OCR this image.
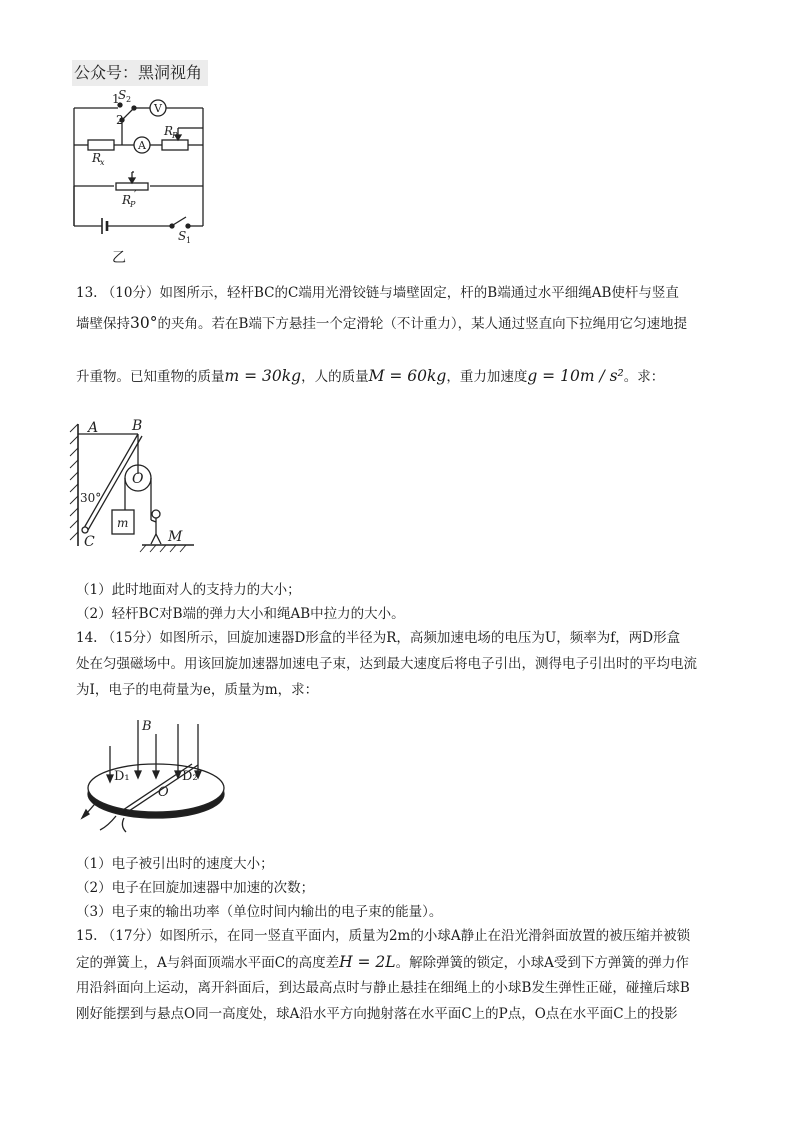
公众号：黑洞视角
1
S 2
2
V
A
R
x
R
P
R
P
′
S 1
乙
13. （10分）如图所示，轻杆BC的C端用光滑铰链与墙壁固定，杆的B端通过水平细绳AB使杆与竖直
墙壁保持30°的夹角。若在B端下方悬挂一个定滑轮（不计重力），某人通过竖直向下拉绳用它匀速地提
升重物。已知重物的质量m = 30kg，人的质量M = 60kg，重力加速度g = 10m / s²。求：
A B
30°
C
O
m
M
（1）此时地面对人的支持力的大小；
（2）轻杆BC对B端的弹力大小和绳AB中拉力的大小。
14. （15分）如图所示，回旋加速器D形盒的半径为R，高频加速电场的电压为U，频率为f，两D形盒
处在匀强磁场中。用该回旋加速器加速电子束，达到最大速度后将电子引出，测得电子引出时的平均电流
为I，电子的电荷量为e，质量为m，求：
B
D₁	D₂
O
（1）电子被引出时的速度大小；
（2）电子在回旋加速器中加速的次数；
（3）电子束的输出功率（单位时间内输出的电子束的能量）。
15. （17分）如图所示，在同一竖直平面内，质量为2m的小球A静止在沿光滑斜面放置的被压缩并被锁
定的弹簧上，A与斜面顶端水平面C的高度差H = 2L。解除弹簧的锁定，小球A受到下方弹簧的弹力作
用沿斜面向上运动，离开斜面后，到达最高点时与静止悬挂在细绳上的小球B发生弹性正碰，碰撞后球B
刚好能摆到与悬点O同一高度处，球A沿水平方向抛射落在水平面C上的P点，O点在水平面C上的投影
